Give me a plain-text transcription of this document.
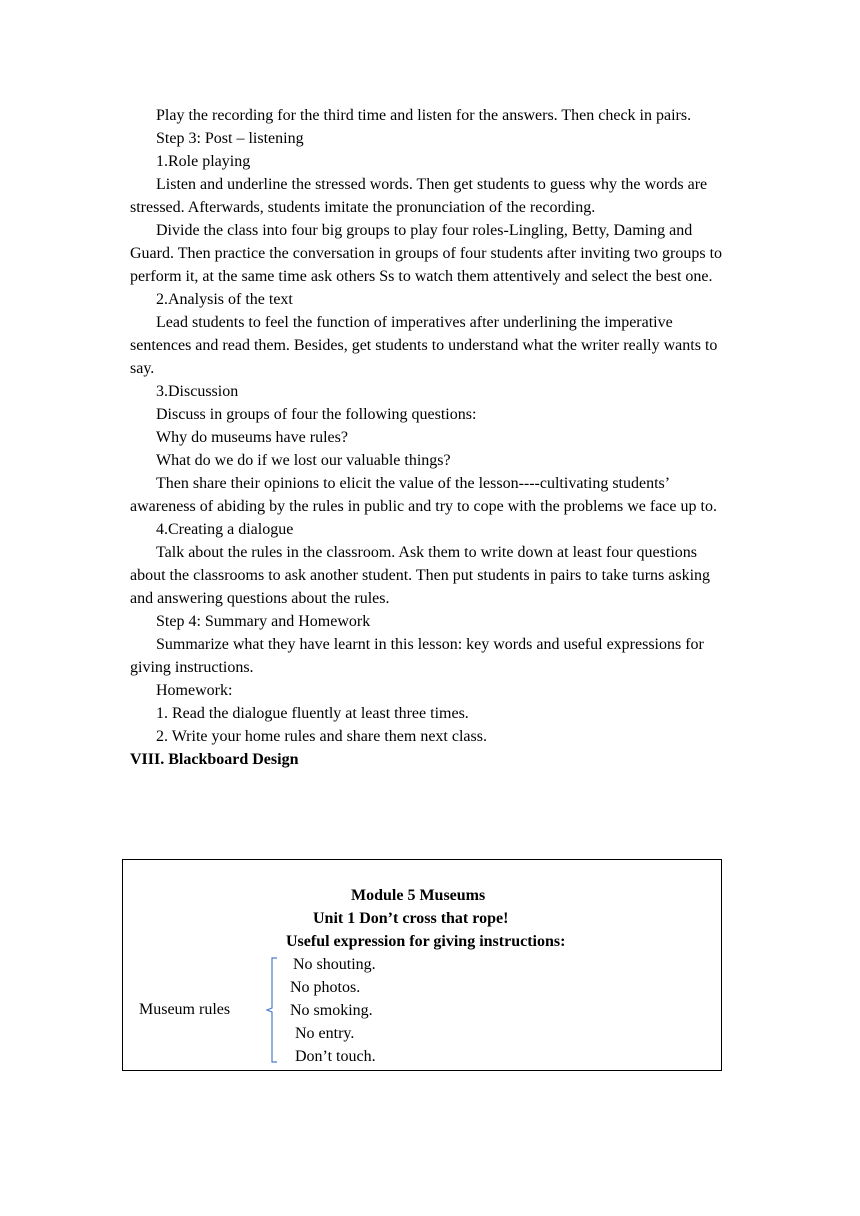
Play the recording for the third time and listen for the answers. Then check in pairs.

Step 3: Post – listening

1.Role playing

Listen and underline the stressed words. Then get students to guess why the words are stressed. Afterwards, students imitate the pronunciation of the recording.

Divide the class into four big groups to play four roles-Lingling, Betty, Daming and Guard. Then practice the conversation in groups of four students after inviting two groups to perform it, at the same time ask others Ss to watch them attentively and select the best one.

2.Analysis of the text

Lead students to feel the function of imperatives after underlining the imperative sentences and read them. Besides, get students to understand what the writer really wants to say.

3.Discussion

Discuss in groups of four the following questions:

Why do museums have rules?

What do we do if we lost our valuable things?

Then share their opinions to elicit the value of the lesson----cultivating students’ awareness of abiding by the rules in public and try to cope with the problems we face up to.

4.Creating a dialogue

Talk about the rules in the classroom. Ask them to write down at least four questions about the classrooms to ask another student. Then put students in pairs to take turns asking and answering questions about the rules.

Step 4: Summary and Homework

Summarize what they have learnt in this lesson: key words and useful expressions for giving instructions.

Homework:

1. Read the dialogue fluently at least three times.

2. Write your home rules and share them next class.

VIII. Blackboard Design

Module 5 Museums
Unit 1 Don’t cross that rope!
Useful expression for giving instructions:
Museum rules
No shouting.
No photos.
No smoking.
No entry.
Don’t touch.
